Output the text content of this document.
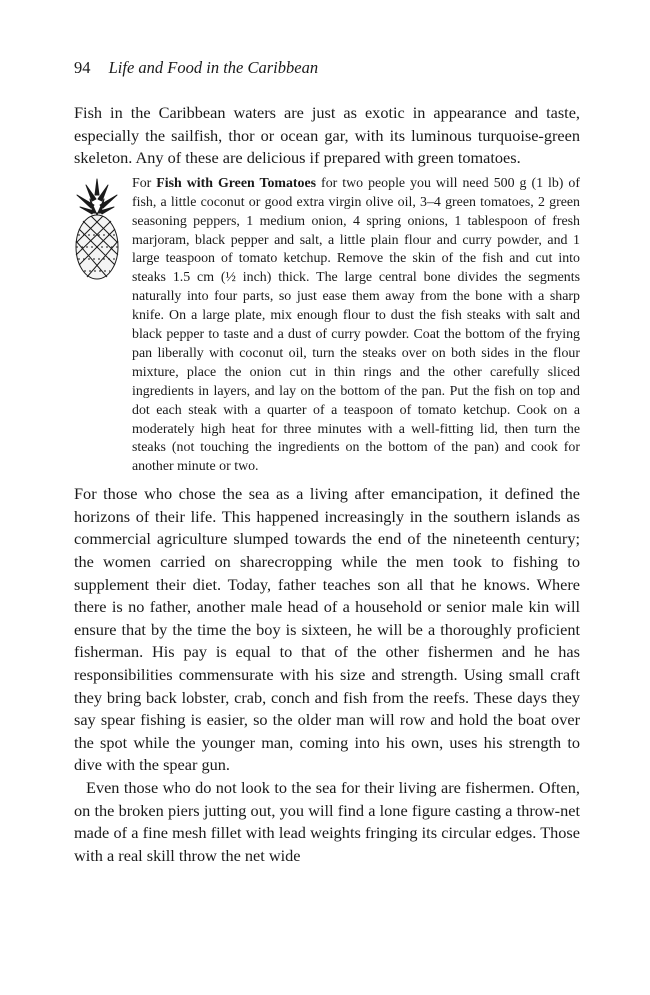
94 Life and Food in the Caribbean

Fish in the Caribbean waters are just as exotic in appearance and taste, especially the sailfish, thor or ocean gar, with its luminous turquoise-green skeleton. Any of these are delicious if prepared with green tomatoes.

For Fish with Green Tomatoes for two people you will need 500 g (1 lb) of fish, a little coconut or good extra virgin olive oil, 3–4 green tomatoes, 2 green seasoning peppers, 1 medium onion, 4 spring onions, 1 tablespoon of fresh marjoram, black pepper and salt, a little plain flour and curry powder, and 1 large teaspoon of tomato ketchup. Remove the skin of the fish and cut into steaks 1.5 cm (½ inch) thick. The large central bone divides the segments naturally into four parts, so just ease them away from the bone with a sharp knife. On a large plate, mix enough flour to dust the fish steaks with salt and black pepper to taste and a dust of curry powder. Coat the bottom of the frying pan liberally with coconut oil, turn the steaks over on both sides in the flour mixture, place the onion cut in thin rings and the other carefully sliced ingredients in layers, and lay on the bottom of the pan. Put the fish on top and dot each steak with a quarter of a teaspoon of tomato ketchup. Cook on a moderately high heat for three minutes with a well-fitting lid, then turn the steaks (not touching the ingredients on the bottom of the pan) and cook for another minute or two.

For those who chose the sea as a living after emancipation, it defined the horizons of their life. This happened increasingly in the southern islands as commercial agriculture slumped towards the end of the nineteenth century; the women carried on sharecropping while the men took to fishing to supplement their diet. Today, father teaches son all that he knows. Where there is no father, another male head of a household or senior male kin will ensure that by the time the boy is sixteen, he will be a thoroughly proficient fisherman. His pay is equal to that of the other fishermen and he has responsibilities commensurate with his size and strength. Using small craft they bring back lobster, crab, conch and fish from the reefs. These days they say spear fishing is easier, so the older man will row and hold the boat over the spot while the younger man, coming into his own, uses his strength to dive with the spear gun.

Even those who do not look to the sea for their living are fishermen. Often, on the broken piers jutting out, you will find a lone figure casting a throw-net made of a fine mesh fillet with lead weights fringing its circular edges. Those with a real skill throw the net wide
